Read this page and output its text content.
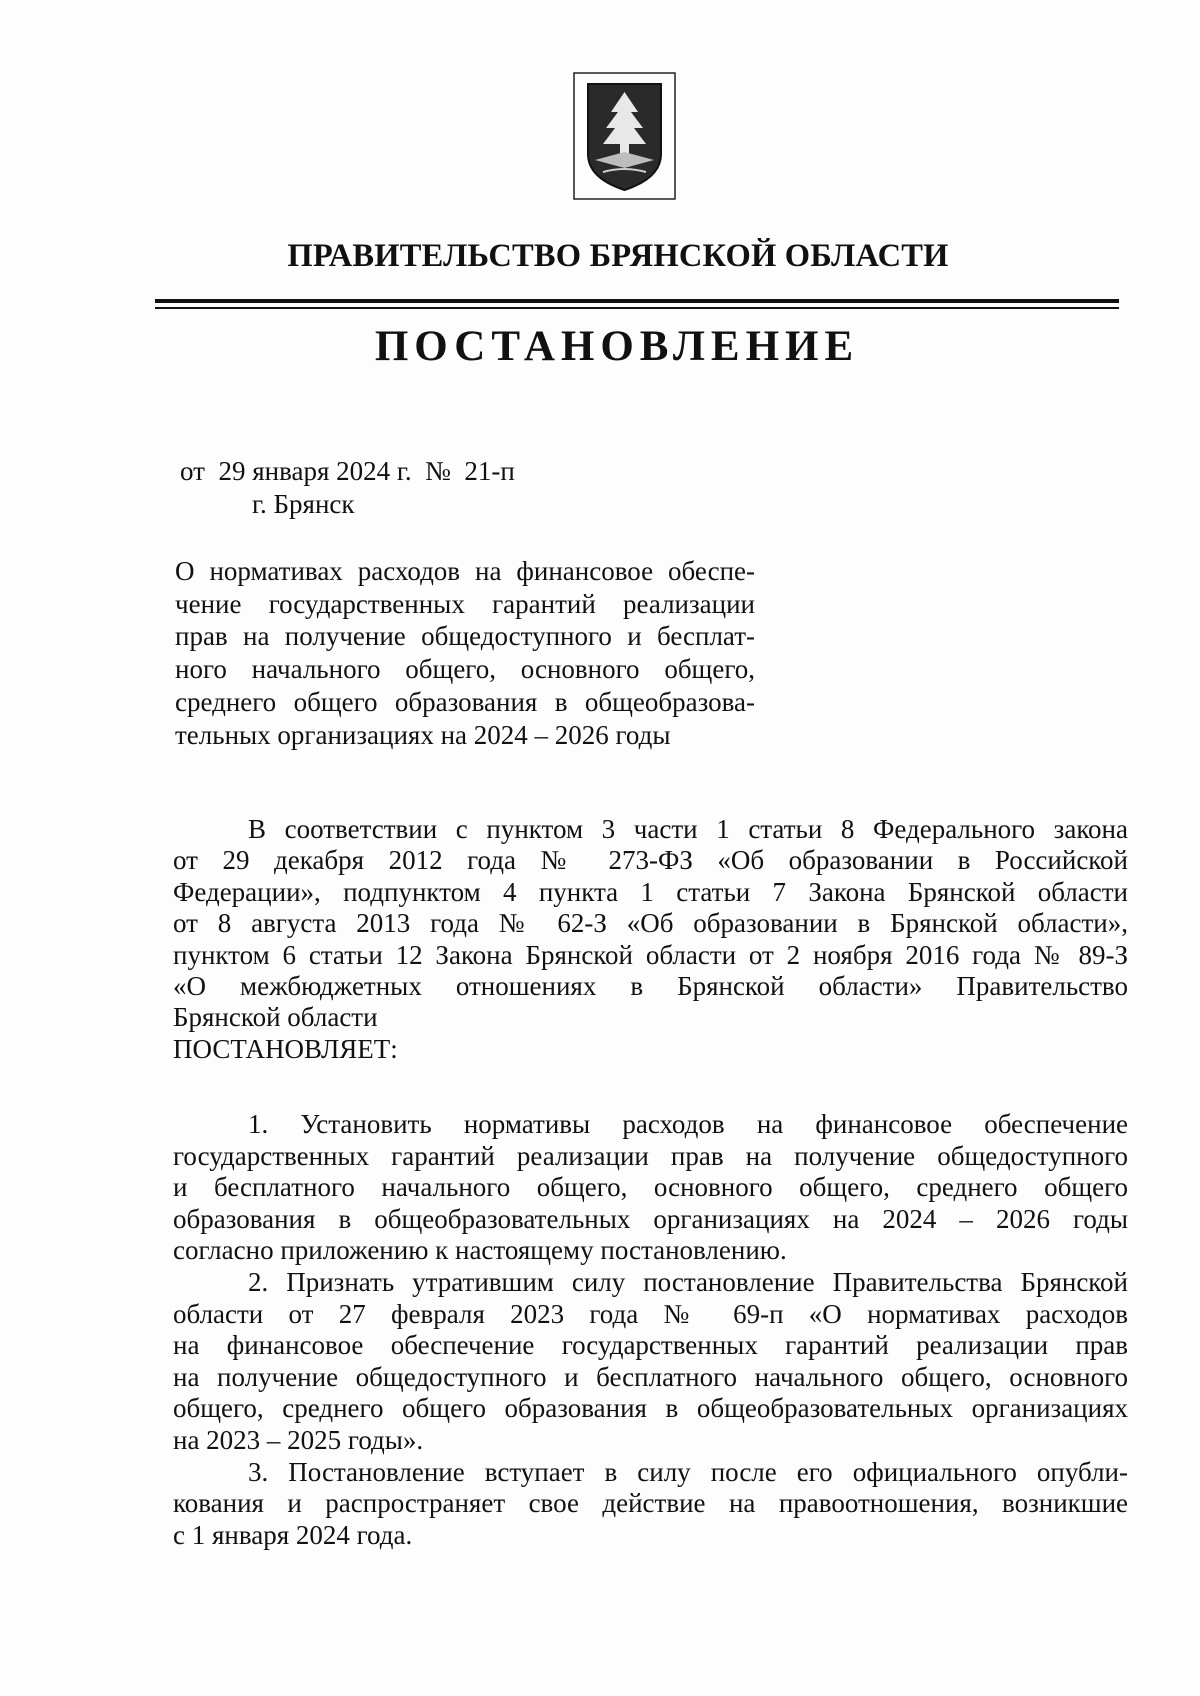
ПРАВИТЕЛЬСТВО БРЯНСКОЙ ОБЛАСТИ
ПОСТАНОВЛЕНИЕ
от 29 января 2024 г. № 21-п
г. Брянск
О нормативах расходов на финансовое обеспе-
чение государственных гарантий реализации
прав на получение общедоступного и бесплат-
ного начального общего, основного общего,
среднего общего образования в общеобразова-
тельных организациях на 2024 – 2026 годы
В соответствии с пунктом 3 части 1 статьи 8 Федерального закона
от 29 декабря 2012 года № 273-ФЗ «Об образовании в Российской
Федерации», подпунктом 4 пункта 1 статьи 7 Закона Брянской области
от 8 августа 2013 года № 62-З «Об образовании в Брянской области»,
пунктом 6 статьи 12 Закона Брянской области от 2 ноября 2016 года № 89-З
«О межбюджетных отношениях в Брянской области» Правительство
Брянской области
ПОСТАНОВЛЯЕТ:
1. Установить нормативы расходов на финансовое обеспечение
государственных гарантий реализации прав на получение общедоступного
и бесплатного начального общего, основного общего, среднего общего
образования в общеобразовательных организациях на 2024 – 2026 годы
согласно приложению к настоящему постановлению.
2. Признать утратившим силу постановление Правительства Брянской
области от 27 февраля 2023 года № 69-п «О нормативах расходов
на финансовое обеспечение государственных гарантий реализации прав
на получение общедоступного и бесплатного начального общего, основного
общего, среднего общего образования в общеобразовательных организациях
на 2023 – 2025 годы».
3. Постановление вступает в силу после его официального опубли-
кования и распространяет свое действие на правоотношения, возникшие
с 1 января 2024 года.
